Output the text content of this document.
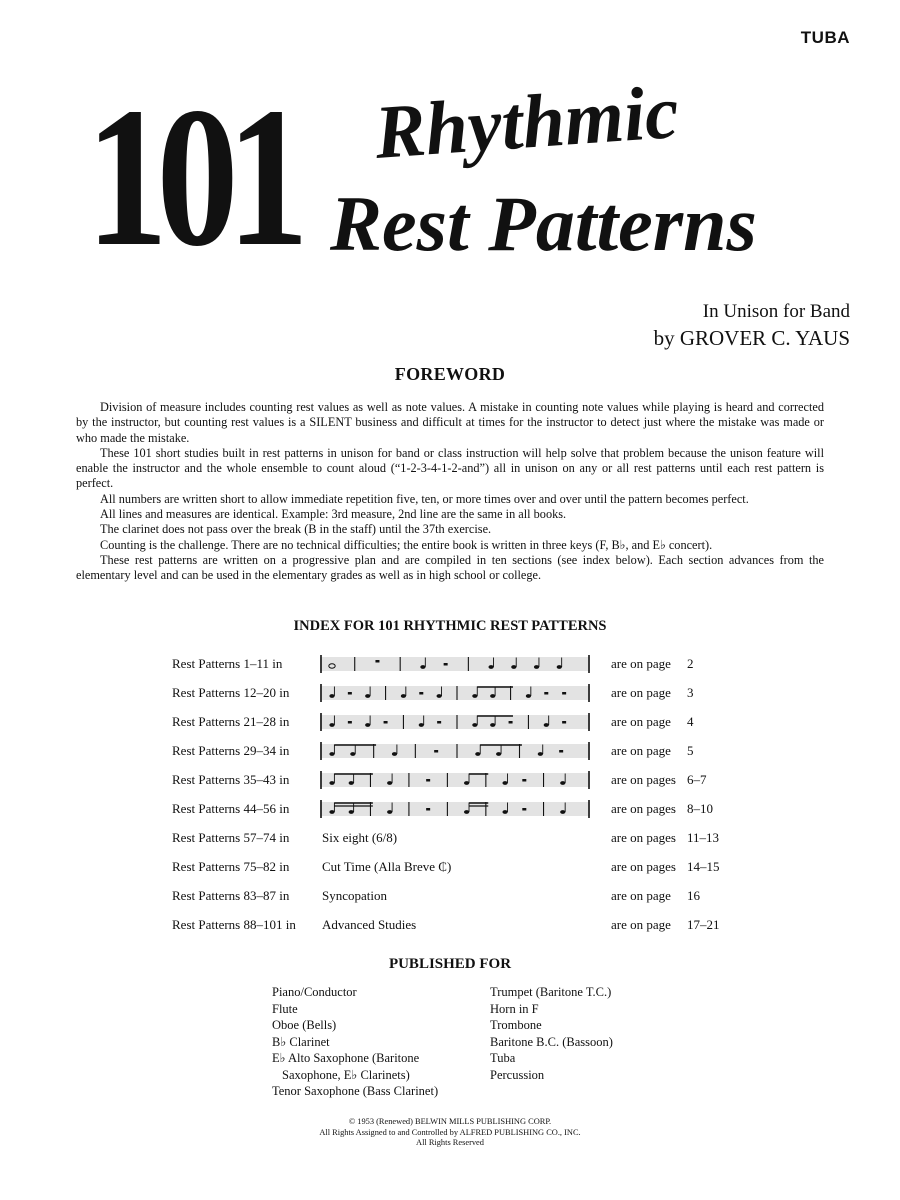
TUBA
101 Rhythmic
Rest Patterns
In Unison for Band
by GROVER C. YAUS
FOREWORD

Division of measure includes counting rest values as well as note values. A mistake in counting note values while playing is heard and corrected by the instructor, but counting rest values is a SILENT business and difficult at times for the instructor to detect just where the mistake was made or who made the mistake.

These 101 short studies built in rest patterns in unison for band or class instruction will help solve that problem because the unison feature will enable the instructor and the whole ensemble to count aloud (“1-2-3-4-1-2-and”) all in unison on any or all rest patterns until each rest pattern is perfect.

All numbers are written short to allow immediate repetition five, ten, or more times over and over until the pattern becomes perfect.

All lines and measures are identical. Example: 3rd measure, 2nd line are the same in all books.

The clarinet does not pass over the break (B in the staff) until the 37th exercise.

Counting is the challenge. There are no technical difficulties; the entire book is written in three keys (F, B♭, and E♭ concert).

These rest patterns are written on a progressive plan and are compiled in ten sections (see index below). Each section advances from the elementary level and can be used in the elementary grades as well as in high school or college.

INDEX FOR 101 RHYTHMIC REST PATTERNS
Rest Patterns 1–11 in	are on page 2
Rest Patterns 12–20 in	are on page 3
Rest Patterns 21–28 in	are on page 4
Rest Patterns 29–34 in	are on page 5
Rest Patterns 35–43 in	are on pages 6–7
Rest Patterns 44–56 in	are on pages 8–10
Rest Patterns 57–74 in	Six eight (6/8)	are on pages 11–13
Rest Patterns 75–82 in	Cut Time (Alla Breve ₵)	are on pages 14–15
Rest Patterns 83–87 in	Syncopation	are on page 16
Rest Patterns 88–101 in Advanced Studies	are on page 17–21
PUBLISHED FOR
Piano/Conductor
Flute
Oboe (Bells)
B♭ Clarinet
E♭ Alto Saxophone (Baritone
Saxophone, E♭ Clarinets)
Tenor Saxophone (Bass Clarinet)
Trumpet (Baritone T.C.)
Horn in F
Trombone
Baritone B.C. (Bassoon)
Tuba
Percussion
© 1953 (Renewed) BELWIN MILLS PUBLISHING CORP.
All Rights Assigned to and Controlled by ALFRED PUBLISHING CO., INC.
All Rights Reserved
